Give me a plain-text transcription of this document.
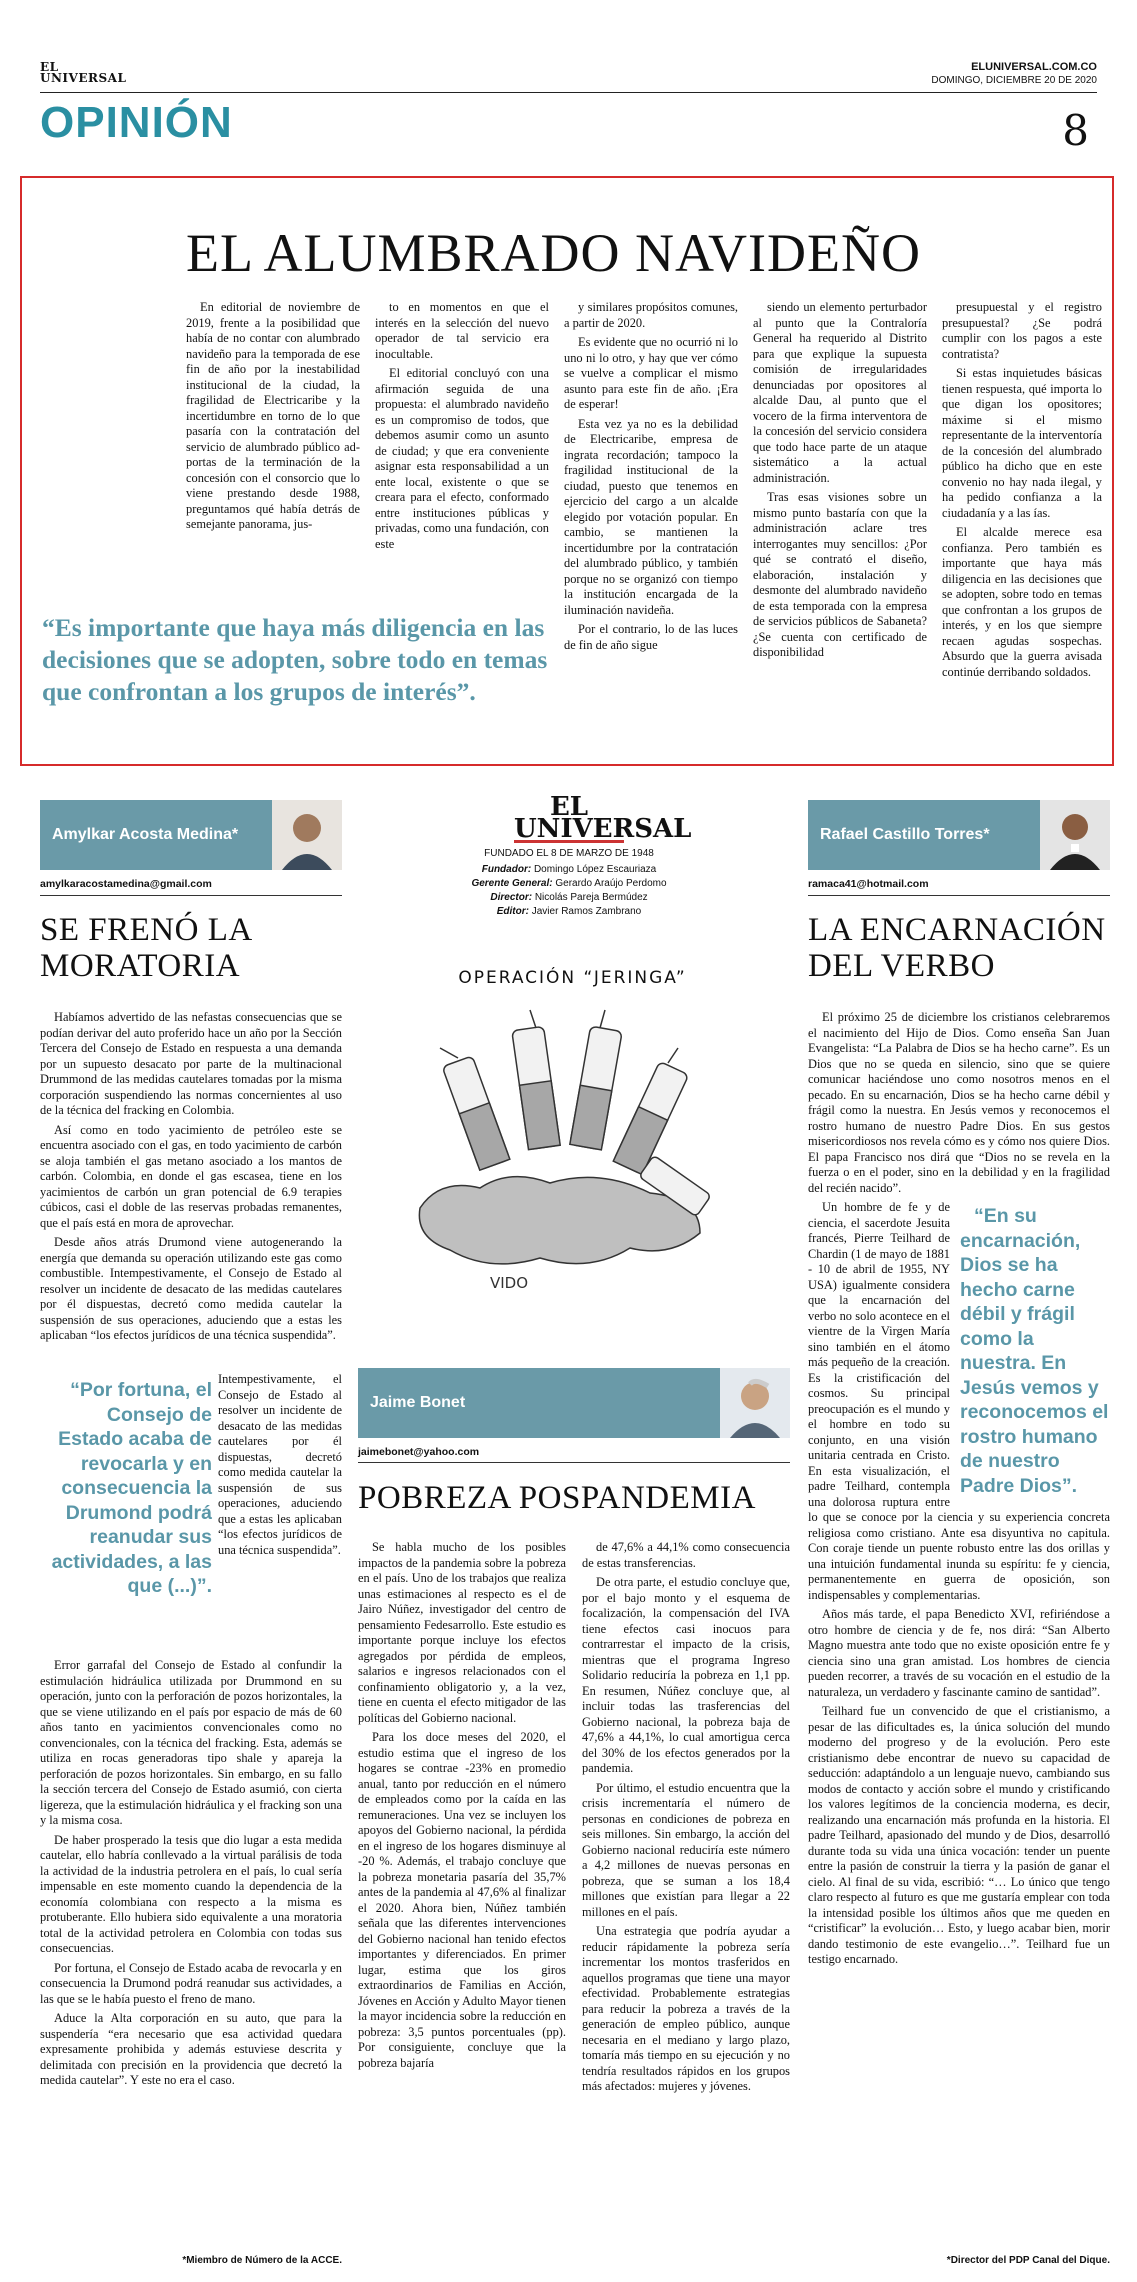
EL UNIVERSAL
ELUNIVERSAL.COM.CO
DOMINGO, DICIEMBRE 20 DE 2020
OPINIÓN	8
EL ALUMBRADO NAVIDEÑO

En editorial de noviembre de 2019, frente a la posibilidad que había de no contar con alumbrado navideño para la temporada de ese fin de año por la inestabilidad institucional de la ciudad, la fragilidad de Electricaribe y la incertidumbre en torno de lo que pasaría con la contratación del servicio de alumbrado público ad-portas de la terminación de la concesión con el consorcio que lo viene prestando desde 1988, preguntamos qué había detrás de semejante panorama, jus-

to en momentos en que el interés en la selección del nuevo operador de tal servicio era inocultable.

El editorial concluyó con una afirmación seguida de una propuesta: el alumbrado navideño es un compromiso de todos, que debemos asumir como un asunto de ciudad; y que era conveniente asignar esta responsabilidad a un ente local, existente o que se creara para el efecto, conformado entre instituciones públicas y privadas, como una fundación, con este

y similares propósitos comunes, a partir de 2020.

Es evidente que no ocurrió ni lo uno ni lo otro, y hay que ver cómo se vuelve a complicar el mismo asunto para este fin de año. ¡Era de esperar!

Esta vez ya no es la debilidad de Electricaribe, empresa de ingrata recordación; tampoco la fragilidad institucional de la ciudad, puesto que tenemos en ejercicio del cargo a un alcalde elegido por votación popular. En cambio, se mantienen la incertidumbre por la contratación del alumbrado público, y también porque no se organizó con tiempo la institución encargada de la iluminación navideña.

Por el contrario, lo de las luces de fin de año sigue

siendo un elemento perturbador al punto que la Contraloría General ha requerido al Distrito para que explique la supuesta comisión de irregularidades denunciadas por opositores al alcalde Dau, al punto que el vocero de la firma interventora de la concesión del servicio considera que todo hace parte de un ataque sistemático a la actual administración.

Tras esas visiones sobre un mismo punto bastaría con que la administración aclare tres interrogantes muy sencillos: ¿Por qué se contrató el diseño, elaboración, instalación y desmonte del alumbrado navideño de esta temporada con la empresa de servicios públicos de Sabaneta? ¿Se cuenta con certificado de disponibilidad

presupuestal y el registro presupuestal? ¿Se podrá cumplir con los pagos a este contratista?

Si estas inquietudes básicas tienen respuesta, qué importa lo que digan los opositores; máxime si el mismo representante de la interventoría de la concesión del alumbrado público ha dicho que en este convenio no hay nada ilegal, y ha pedido confianza a la ciudadanía y a las ías.

El alcalde merece esa confianza. Pero también es importante que haya más diligencia en las decisiones que se adopten, sobre todo en temas que confrontan a los grupos de interés, y en los que siempre recaen agudas sospechas. Absurdo que la guerra avisada continúe derribando soldados.

“Es importante que haya más diligencia en las decisiones que se adopten, sobre todo en temas que confrontan a los grupos de interés”.
Amylkar Acosta Medina*
amylkaracostamedina@gmail.com
SE FRENÓ LA MORATORIA

Habíamos advertido de las nefastas consecuencias que se podían derivar del auto proferido hace un año por la Sección Tercera del Consejo de Estado en respuesta a una demanda por un supuesto desacato por parte de la multinacional Drummond de las medidas cautelares tomadas por la misma corporación suspendiendo las normas concernientes al uso de la técnica del fracking en Colombia.

Así como en todo yacimiento de petróleo este se encuentra asociado con el gas, en todo yacimiento de carbón se aloja también el gas metano asociado a los mantos de carbón. Colombia, en donde el gas escasea, tiene en los yacimientos de carbón un gran potencial de 6.9 terapies cúbicos, casi el doble de las reservas probadas remanentes, que el país está en mora de aprovechar.

Desde años atrás Drumond viene autogenerando la energía que demanda su operación utilizando este gas como combustible. Intempestivamente, el Consejo de Estado al resolver un incidente de desacato de las medidas cautelares por él dispuestas, decretó como medida cautelar la suspensión de sus operaciones, aduciendo que a estas les aplicaban “los efectos jurídicos de una técnica suspendida”.

“Por fortuna, el Consejo de Estado acaba de revocarla y en consecuencia la Drumond podrá reanudar sus actividades, a las que (...)”.

Intempestivamente, el Consejo de Estado al resolver un incidente de desacato de las medidas cautelares por él dispuestas, decretó como medida cautelar la suspensión de sus operaciones, aduciendo que a estas les aplicaban “los efectos jurídicos de una técnica suspendida”.

Error garrafal del Consejo de Estado al confundir la estimulación hidráulica utilizada por Drummond en su operación, junto con la perforación de pozos horizontales, la que se viene utilizando en el país por espacio de más de 60 años tanto en yacimientos convencionales como no convencionales, con la técnica del fracking. Esta, además se utiliza en rocas generadoras tipo shale y apareja la perforación de pozos horizontales. Sin embargo, en su fallo la sección tercera del Consejo de Estado asumió, con cierta ligereza, que la estimulación hidráulica y el fracking son una y la misma cosa.

De haber prosperado la tesis que dio lugar a esta medida cautelar, ello habría conllevado a la virtual parálisis de toda la actividad de la industria petrolera en el país, lo cual sería impensable en este momento cuando la dependencia de la economía colombiana con respecto a la misma es protuberante. Ello hubiera sido equivalente a una moratoria total de la actividad petrolera en Colombia con todas sus consecuencias.

Por fortuna, el Consejo de Estado acaba de revocarla y en consecuencia la Drumond podrá reanudar sus actividades, a las que se le había puesto el freno de mano.

Aduce la Alta corporación en su auto, que para la suspendería “era necesario que esa actividad quedara expresamente prohibida y además estuviese descrita y delimitada con precisión en la providencia que decretó la medida cautelar”. Y este no era el caso.

*Miembro de Número de la ACCE.
EL UNIVERSAL
FUNDADO EL 8 DE MARZO DE 1948
Fundador: Domingo López Escauriaza
Gerente General: Gerardo Araújo Perdomo
Director: Nicolás Pareja Bermúdez
Editor: Javier Ramos Zambrano
OPERACIÓN “JERINGA”
VIDO
Jaime Bonet
jaimebonet@yahoo.com
POBREZA POSPANDEMIA

Se habla mucho de los posibles impactos de la pandemia sobre la pobreza en el país. Uno de los trabajos que realiza unas estimaciones al respecto es el de Jairo Núñez, investigador del centro de pensamiento Fedesarrollo. Este estudio es importante porque incluye los efectos agregados por pérdida de empleos, salarios e ingresos relacionados con el confinamiento obligatorio y, a la vez, tiene en cuenta el efecto mitigador de las políticas del Gobierno nacional.

Para los doce meses del 2020, el estudio estima que el ingreso de los hogares se contrae -23% en promedio anual, tanto por reducción en el número de empleados como por la caída en las remuneraciones. Una vez se incluyen los apoyos del Gobierno nacional, la pérdida en el ingreso de los hogares disminuye al -20 %. Además, el trabajo concluye que la pobreza monetaria pasaría del 35,7% antes de la pandemia al 47,6% al finalizar el 2020. Ahora bien, Núñez también señala que las diferentes intervenciones del Gobierno nacional han tenido efectos importantes y diferenciados. En primer lugar, estima que los giros extraordinarios de Familias en Acción, Jóvenes en Acción y Adulto Mayor tienen la mayor incidencia sobre la reducción en pobreza: 3,5 puntos porcentuales (pp). Por consiguiente, concluye que la pobreza bajaría

de 47,6% a 44,1% como consecuencia de estas transferencias.

De otra parte, el estudio concluye que, por el bajo monto y el esquema de focalización, la compensación del IVA tiene efectos casi inocuos para contrarrestar el impacto de la crisis, mientras que el programa Ingreso Solidario reduciría la pobreza en 1,1 pp. En resumen, Núñez concluye que, al incluir todas las trasferencias del Gobierno nacional, la pobreza baja de 47,6% a 44,1%, lo cual amortigua cerca del 30% de los efectos generados por la pandemia.

Por último, el estudio encuentra que la crisis incrementaría el número de personas en condiciones de pobreza en seis millones. Sin embargo, la acción del Gobierno nacional reduciría este número a 4,2 millones de nuevas personas en pobreza, que se suman a los 18,4 millones que existían para llegar a 22 millones en el país.

Una estrategia que podría ayudar a reducir rápidamente la pobreza sería incrementar los montos trasferidos en aquellos programas que tiene una mayor efectividad. Probablemente estrategias para reducir la pobreza a través de la generación de empleo público, aunque necesaria en el mediano y largo plazo, tomaría más tiempo en su ejecución y no tendría resultados rápidos en los grupos más afectados: mujeres y jóvenes.

Rafael Castillo Torres*
ramaca41@hotmail.com
LA ENCARNACIÓN DEL VERBO

El próximo 25 de diciembre los cristianos celebraremos el nacimiento del Hijo de Dios. Como enseña San Juan Evangelista: “La Palabra de Dios se ha hecho carne”. Es un Dios que no se queda en silencio, sino que se quiere comunicar haciéndose uno como nosotros menos en el pecado. En su encarnación, Dios se ha hecho carne débil y frágil como la nuestra. En Jesús vemos y reconocemos el rostro humano de nuestro Padre Dios. En sus gestos misericordiosos nos revela cómo es y cómo nos quiere Dios. El papa Francisco nos dirá que “Dios no se revela en la fuerza o en el poder, sino en la debilidad y en la fragilidad del recién nacido”.

“En su encarnación, Dios se ha hecho carne débil y frágil como la nuestra. En Jesús vemos y reconocemos el rostro humano de nuestro Padre Dios”.
Un hombre de fe y de ciencia, el sacerdote Jesuita francés, Pierre Teilhard de Chardin (1 de mayo de 1881 - 10 de abril de 1955, NY USA) igualmente considera que la encarnación del verbo no solo acontece en el vientre de la Virgen María sino también en el átomo más pequeño de la creación. Es la cristificación del cosmos. Su principal preocupación es el mundo y el hombre en todo su conjunto, en una visión unitaria centrada en Cristo. En esta visualización, el padre Teilhard, contempla una dolorosa ruptura entre lo que se conoce por la ciencia y su experiencia concreta religiosa como cristiano. Ante esa disyuntiva no capitula. Con coraje tiende un puente robusto entre las dos orillas y una intuición fundamental inunda su espíritu: fe y ciencia, permanentemente en guerra de oposición, son indispensables y complementarias.

Años más tarde, el papa Benedicto XVI, refiriéndose a otro hombre de ciencia y de fe, nos dirá: “San Alberto Magno muestra ante todo que no existe oposición entre fe y ciencia sino una gran amistad. Los hombres de ciencia pueden recorrer, a través de su vocación en el estudio de la naturaleza, un verdadero y fascinante camino de santidad”.

Teilhard fue un convencido de que el cristianismo, a pesar de las dificultades es, la única solución del mundo moderno del progreso y de la evolución. Pero este cristianismo debe encontrar de nuevo su capacidad de seducción: adaptándolo a un lenguaje nuevo, cambiando sus modos de contacto y acción sobre el mundo y cristificando los valores legítimos de la conciencia moderna, es decir, realizando una encarnación más profunda en la historia. El padre Teilhard, apasionado del mundo y de Dios, desarrolló durante toda su vida una única vocación: tender un puente entre la pasión de construir la tierra y la pasión de ganar el cielo. Al final de su vida, escribió: “… Lo único que tengo claro respecto al futuro es que me gustaría emplear con toda la intensidad posible los últimos años que me queden en “cristificar” la evolución… Esto, y luego acabar bien, morir dando testimonio de este evangelio…”. Teilhard fue un testigo encarnado.

*Director del PDP Canal del Dique.
